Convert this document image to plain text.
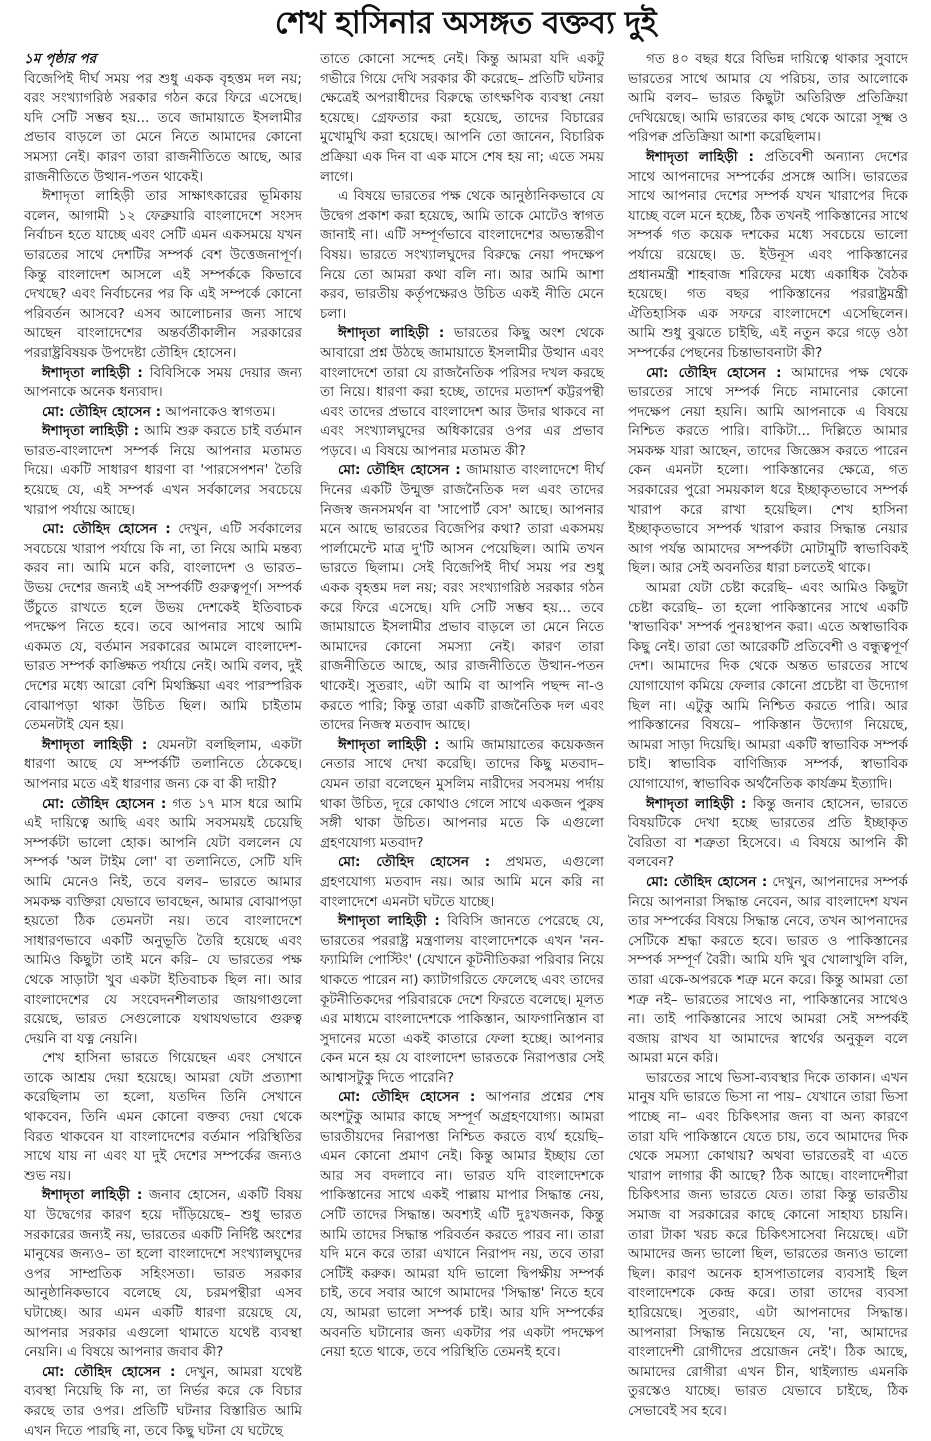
শেখ হাসিনার অসঙ্গত বক্তব্য দুই

১ম পৃষ্ঠার পর

বিজেপিই দীর্ঘ সময় পর শুধু একক বৃহত্তম দল নয়; বরং সংখ্যাগরিষ্ঠ সরকার গঠন করে ফিরে এসেছে। যদি সেটি সম্ভব হয়... তবে জামায়াতে ইসলামীর প্রভাব বাড়লে তা মেনে নিতে আমাদের কোনো সমস্যা নেই। কারণ তারা রাজনীতিতে আছে, আর রাজনীতিতে উত্থান-পতন থাকেই।

ঈশাদৃতা লাহিড়ী তার সাক্ষাৎকারের ভূমিকায় বলেন, আগামী ১২ ফেব্রুয়ারি বাংলাদেশে সংসদ নির্বাচন হতে যাচ্ছে এবং সেটি এমন একসময়ে যখন ভারতের সাথে দেশটির সম্পর্ক বেশ উত্তেজনাপূর্ণ। কিন্তু বাংলাদেশ আসলে এই সম্পর্ককে কিভাবে দেখছে? এবং নির্বাচনের পর কি এই সম্পর্কে কোনো পরিবর্তন আসবে? এসব আলোচনার জন্য সাথে আছেন বাংলাদেশের অন্তর্বর্তীকালীন সরকারের পররাষ্ট্রবিষয়ক উপদেষ্টা তৌহিদ হোসেন।

ঈশাদৃতা লাহিড়ী : বিবিসিকে সময় দেয়ার জন্য আপনাকে অনেক ধন্যবাদ।

মো: তৌহিদ হোসেন : আপনাকেও স্বাগতম।

ঈশাদৃতা লাহিড়ী : আমি শুরু করতে চাই বর্তমান ভারত-বাংলাদেশ সম্পর্ক নিয়ে আপনার মতামত দিয়ে। একটি সাধারণ ধারণা বা 'পারসেপশন' তৈরি হয়েছে যে, এই সম্পর্ক এখন সর্বকালের সবচেয়ে খারাপ পর্যায়ে আছে।

মো: তৌহিদ হোসেন : দেখুন, এটি সর্বকালের সবচেয়ে খারাপ পর্যায়ে কি না, তা নিয়ে আমি মন্তব্য করব না। আমি মনে করি, বাংলাদেশ ও ভারত– উভয় দেশের জন্যই এই সম্পর্কটি গুরুত্বপূর্ণ। সম্পর্ক উঁচুতে রাখতে হলে উভয় দেশকেই ইতিবাচক পদক্ষেপ নিতে হবে। তবে আপনার সাথে আমি একমত যে, বর্তমান সরকারের আমলে বাংলাদেশ-ভারত সম্পর্ক কাঙ্ক্ষিত পর্যায়ে নেই। আমি বলব, দুই দেশের মধ্যে আরো বেশি মিথস্ক্রিয়া এবং পারস্পরিক বোঝাপড়া থাকা উচিত ছিল। আমি চাইতাম তেমনটাই যেন হয়।

ঈশাদৃতা লাহিড়ী : যেমনটা বলছিলাম, একটা ধারণা আছে যে সম্পর্কটি তলানিতে ঠেকেছে। আপনার মতে এই ধারণার জন্য কে বা কী দায়ী?

মো: তৌহিদ হোসেন : গত ১৭ মাস ধরে আমি এই দায়িত্বে আছি এবং আমি সবসময়ই চেয়েছি সম্পর্কটা ভালো হোক। আপনি যেটা বললেন যে সম্পর্ক 'অল টাইম লো' বা তলানিতে, সেটি যদি আমি মেনেও নিই, তবে বলব– ভারতে আমার সমকক্ষ ব্যক্তিরা যেভাবে ভাবছেন, আমার বোঝাপড়া হয়তো ঠিক তেমনটা নয়। তবে বাংলাদেশে সাধারণভাবে একটি অনুভূতি তৈরি হয়েছে এবং আমিও কিছুটা তাই মনে করি– যে ভারতের পক্ষ থেকে সাড়াটা খুব একটা ইতিবাচক ছিল না। আর বাংলাদেশের যে সংবেদনশীলতার জায়গাগুলো রয়েছে, ভারত সেগুলোকে যথাযথভাবে গুরুত্ব দেয়নি বা যত্ন নেয়নি।

শেখ হাসিনা ভারতে গিয়েছেন এবং সেখানে তাকে আশ্রয় দেয়া হয়েছে। আমরা যেটা প্রত্যাশা করেছিলাম তা হলো, যতদিন তিনি সেখানে থাকবেন, তিনি এমন কোনো বক্তব্য দেয়া থেকে বিরত থাকবেন যা বাংলাদেশের বর্তমান পরিস্থিতির সাথে যায় না এবং যা দুই দেশের সম্পর্কের জন্যও শুভ নয়।

ঈশাদৃতা লাহিড়ী : জনাব হোসেন, একটি বিষয় যা উদ্বেগের কারণ হয়ে দাঁড়িয়েছে– শুধু ভারত সরকারের জন্যই নয়, ভারতের একটি নির্দিষ্ট অংশের মানুষের জন্যও– তা হলো বাংলাদেশে সংখ্যালঘুদের ওপর সাম্প্রতিক সহিংসতা। ভারত সরকার আনুষ্ঠানিকভাবে বলেছে যে, চরমপন্থীরা এসব ঘটাচ্ছে। আর এমন একটি ধারণা রয়েছে যে, আপনার সরকার এগুলো থামাতে যথেষ্ট ব্যবস্থা নেয়নি। এ বিষয়ে আপনার জবাব কী?

মো: তৌহিদ হোসেন : দেখুন, আমরা যথেষ্ট ব্যবস্থা নিয়েছি কি না, তা নির্ভর করে কে বিচার করছে তার ওপর। প্রতিটি ঘটনার বিস্তারিত আমি এখন দিতে পারছি না, তবে কিছু ঘটনা যে ঘটেছে

তাতে কোনো সন্দেহ নেই। কিন্তু আমরা যদি একটু গভীরে গিয়ে দেখি সরকার কী করেছে– প্রতিটি ঘটনার ক্ষেত্রেই অপরাধীদের বিরুদ্ধে তাৎক্ষণিক ব্যবস্থা নেয়া হয়েছে। গ্রেফতার করা হয়েছে, তাদের বিচারের মুখোমুখি করা হয়েছে। আপনি তো জানেন, বিচারিক প্রক্রিয়া এক দিন বা এক মাসে শেষ হয় না; এতে সময় লাগে।

এ বিষয়ে ভারতের পক্ষ থেকে আনুষ্ঠানিকভাবে যে উদ্বেগ প্রকাশ করা হয়েছে, আমি তাকে মোটেও স্বাগত জানাই না। এটি সম্পূর্ণভাবে বাংলাদেশের অভ্যন্তরীণ বিষয়। ভারতে সংখ্যালঘুদের বিরুদ্ধে নেয়া পদক্ষেপ নিয়ে তো আমরা কথা বলি না। আর আমি আশা করব, ভারতীয় কর্তৃপক্ষেরও উচিত একই নীতি মেনে চলা।

ঈশাদৃতা লাহিড়ী : ভারতের কিছু অংশ থেকে আবারো প্রশ্ন উঠছে জামায়াতে ইসলামীর উত্থান এবং বাংলাদেশে তারা যে রাজনৈতিক পরিসর দখল করছে তা নিয়ে। ধারণা করা হচ্ছে, তাদের মতাদর্শ কট্টরপন্থী এবং তাদের প্রভাবে বাংলাদেশ আর উদার থাকবে না এবং সংখ্যালঘুদের অধিকারের ওপর এর প্রভাব পড়বে। এ বিষয়ে আপনার মতামত কী?

মো: তৌহিদ হোসেন : জামায়াত বাংলাদেশে দীর্ঘ দিনের একটি উন্মুক্ত রাজনৈতিক দল এবং তাদের নিজস্ব জনসমর্থন বা 'সাপোর্ট বেস' আছে। আপনার মনে আছে ভারতের বিজেপির কথা? তারা একসময় পার্লামেন্টে মাত্র দু'টি আসন পেয়েছিল। আমি তখন ভারতে ছিলাম। সেই বিজেপিই দীর্ঘ সময় পর শুধু একক বৃহত্তম দল নয়; বরং সংখ্যাগরিষ্ঠ সরকার গঠন করে ফিরে এসেছে। যদি সেটি সম্ভব হয়... তবে জামায়াতে ইসলামীর প্রভাব বাড়লে তা মেনে নিতে আমাদের কোনো সমস্যা নেই। কারণ তারা রাজনীতিতে আছে, আর রাজনীতিতে উত্থান-পতন থাকেই। সুতরাং, এটা আমি বা আপনি পছন্দ না-ও করতে পারি; কিন্তু তারা একটি রাজনৈতিক দল এবং তাদের নিজস্ব মতবাদ আছে।

ঈশাদৃতা লাহিড়ী : আমি জামায়াতের কয়েকজন নেতার সাথে দেখা করেছি। তাদের কিছু মতবাদ– যেমন তারা বলেছেন মুসলিম নারীদের সবসময় পর্দায় থাকা উচিত, দূরে কোথাও গেলে সাথে একজন পুরুষ সঙ্গী থাকা উচিত। আপনার মতে কি এগুলো গ্রহণযোগ্য মতবাদ?

মো: তৌহিদ হোসেন : প্রথমত, এগুলো গ্রহণযোগ্য মতবাদ নয়। আর আমি মনে করি না বাংলাদেশে এমনটা ঘটতে যাচ্ছে।

ঈশাদৃতা লাহিড়ী : বিবিসি জানতে পেরেছে যে, ভারতের পররাষ্ট্র মন্ত্রণালয় বাংলাদেশকে এখন 'নন-ফ্যামিলি পোস্টিং' (যেখানে কূটনীতিকরা পরিবার নিয়ে থাকতে পারেন না) ক্যাটাগরিতে ফেলেছে এবং তাদের কূটনীতিকদের পরিবারকে দেশে ফিরতে বলেছে। মূলত এর মাধ্যমে বাংলাদেশকে পাকিস্তান, আফগানিস্তান বা সুদানের মতো একই কাতারে ফেলা হচ্ছে। আপনার কেন মনে হয় যে বাংলাদেশ ভারতকে নিরাপত্তার সেই আশ্বাসটুকু দিতে পারেনি?

মো: তৌহিদ হোসেন : আপনার প্রশ্নের শেষ অংশটুকু আমার কাছে সম্পূর্ণ অগ্রহণযোগ্য। আমরা ভারতীয়দের নিরাপত্তা নিশ্চিত করতে ব্যর্থ হয়েছি– এমন কোনো প্রমাণ নেই। কিন্তু আমার ইচ্ছায় তো আর সব বদলাবে না। ভারত যদি বাংলাদেশকে পাকিস্তানের সাথে একই পাল্লায় মাপার সিদ্ধান্ত নেয়, সেটি তাদের সিদ্ধান্ত। অবশ্যই এটি দুঃখজনক, কিন্তু আমি তাদের সিদ্ধান্ত পরিবর্তন করতে পারব না। তারা যদি মনে করে তারা এখানে নিরাপদ নয়, তবে তারা সেটিই করুক। আমরা যদি ভালো দ্বিপক্ষীয় সম্পর্ক চাই, তবে সবার আগে আমাদের 'সিদ্ধান্ত' নিতে হবে যে, আমরা ভালো সম্পর্ক চাই। আর যদি সম্পর্কের অবনতি ঘটানোর জন্য একটার পর একটা পদক্ষেপ নেয়া হতে থাকে, তবে পরিস্থিতি তেমনই হবে।

গত ৪০ বছর ধরে বিভিন্ন দায়িত্বে থাকার সুবাদে ভারতের সাথে আমার যে পরিচয়, তার আলোকে আমি বলব– ভারত কিছুটা অতিরিক্ত প্রতিক্রিয়া দেখিয়েছে। আমি ভারতের কাছ থেকে আরো সূক্ষ্ম ও পরিপক্ব প্রতিক্রিয়া আশা করেছিলাম।

ঈশাদৃতা লাহিড়ী : প্রতিবেশী অন্যান্য দেশের সাথে আপনাদের সম্পর্কের প্রসঙ্গে আসি। ভারতের সাথে আপনার দেশের সম্পর্ক যখন খারাপের দিকে যাচ্ছে বলে মনে হচ্ছে, ঠিক তখনই পাকিস্তানের সাথে সম্পর্ক গত কয়েক দশকের মধ্যে সবচেয়ে ভালো পর্যায়ে রয়েছে। ড. ইউনূস এবং পাকিস্তানের প্রধানমন্ত্রী শাহবাজ শরিফের মধ্যে একাধিক বৈঠক হয়েছে। গত বছর পাকিস্তানের পররাষ্ট্রমন্ত্রী ঐতিহাসিক এক সফরে বাংলাদেশে এসেছিলেন। আমি শুধু বুঝতে চাইছি, এই নতুন করে গড়ে ওঠা সম্পর্কের পেছনের চিন্তাভাবনাটা কী?

মো: তৌহিদ হোসেন : আমাদের পক্ষ থেকে ভারতের সাথে সম্পর্ক নিচে নামানোর কোনো পদক্ষেপ নেয়া হয়নি। আমি আপনাকে এ বিষয়ে নিশ্চিত করতে পারি। বাকিটা... দিল্লিতে আমার সমকক্ষ যারা আছেন, তাদের জিজ্ঞেস করতে পারেন কেন এমনটা হলো। পাকিস্তানের ক্ষেত্রে, গত সরকারের পুরো সময়কাল ধরে ইচ্ছাকৃতভাবে সম্পর্ক খারাপ করে রাখা হয়েছিল। শেখ হাসিনা ইচ্ছাকৃতভাবে সম্পর্ক খারাপ করার সিদ্ধান্ত নেয়ার আগ পর্যন্ত আমাদের সম্পর্কটা মোটামুটি স্বাভাবিকই ছিল। আর সেই অবনতির ধারা চলতেই থাকে।

আমরা যেটা চেষ্টা করেছি– এবং আমিও কিছুটা চেষ্টা করেছি– তা হলো পাকিস্তানের সাথে একটি 'স্বাভাবিক' সম্পর্ক পুনঃস্থাপন করা। এতে অস্বাভাবিক কিছু নেই। তারা তো আরেকটি প্রতিবেশী ও বন্ধুত্বপূর্ণ দেশ। আমাদের দিক থেকে অন্তত ভারতের সাথে যোগাযোগ কমিয়ে ফেলার কোনো প্রচেষ্টা বা উদ্যোগ ছিল না। এটুকু আমি নিশ্চিত করতে পারি। আর পাকিস্তানের বিষয়ে– পাকিস্তান উদ্যোগ নিয়েছে, আমরা সাড়া দিয়েছি। আমরা একটি স্বাভাবিক সম্পর্ক চাই। স্বাভাবিক বাণিজ্যিক সম্পর্ক, স্বাভাবিক যোগাযোগ, স্বাভাবিক অর্থনৈতিক কার্যক্রম ইত্যাদি।

ঈশাদৃতা লাহিড়ী : কিন্তু জনাব হোসেন, ভারতে বিষয়টিকে দেখা হচ্ছে ভারতের প্রতি ইচ্ছাকৃত বৈরিতা বা শত্রুতা হিসেবে। এ বিষয়ে আপনি কী বলবেন?

মো: তৌহিদ হোসেন : দেখুন, আপনাদের সম্পর্ক নিয়ে আপনারা সিদ্ধান্ত নেবেন, আর বাংলাদেশ যখন তার সম্পর্কের বিষয়ে সিদ্ধান্ত নেবে, তখন আপনাদের সেটিকে শ্রদ্ধা করতে হবে। ভারত ও পাকিস্তানের সম্পর্ক সম্পূর্ণ বৈরী। আমি যদি খুব খোলাখুলি বলি, তারা একে-অপরকে শত্রু মনে করে। কিন্তু আমরা তো শত্রু নই– ভারতের সাথেও না, পাকিস্তানের সাথেও না। তাই পাকিস্তানের সাথে আমরা সেই সম্পর্কই বজায় রাখব যা আমাদের স্বার্থের অনুকূল বলে আমরা মনে করি।

ভারতের সাথে ভিসা-ব্যবস্থার দিকে তাকান। এখন মানুষ যদি ভারতে ভিসা না পায়– যেখানে তারা ভিসা পাচ্ছে না– এবং চিকিৎসার জন্য বা অন্য কারণে তারা যদি পাকিস্তানে যেতে চায়, তবে আমাদের দিক থেকে সমস্যা কোথায়? অথবা ভারতেরই বা এতে খারাপ লাগার কী আছে? ঠিক আছে। বাংলাদেশীরা চিকিৎসার জন্য ভারতে যেত। তারা কিন্তু ভারতীয় সমাজ বা সরকারের কাছে কোনো সাহায্য চায়নি। তারা টাকা খরচ করে চিকিৎসাসেবা নিয়েছে। এটা আমাদের জন্য ভালো ছিল, ভারতের জন্যও ভালো ছিল। কারণ অনেক হাসপাতালের ব্যবসাই ছিল বাংলাদেশকে কেন্দ্র করে। তারা তাদের ব্যবসা হারিয়েছে। সুতরাং, এটা আপনাদের সিদ্ধান্ত। আপনারা সিদ্ধান্ত নিয়েছেন যে, 'না, আমাদের বাংলাদেশী রোগীদের প্রয়োজন নেই'। ঠিক আছে, আমাদের রোগীরা এখন চীন, থাইল্যান্ড এমনকি তুরস্কেও যাচ্ছে। ভারত যেভাবে চাইছে, ঠিক সেভাবেই সব হবে।
